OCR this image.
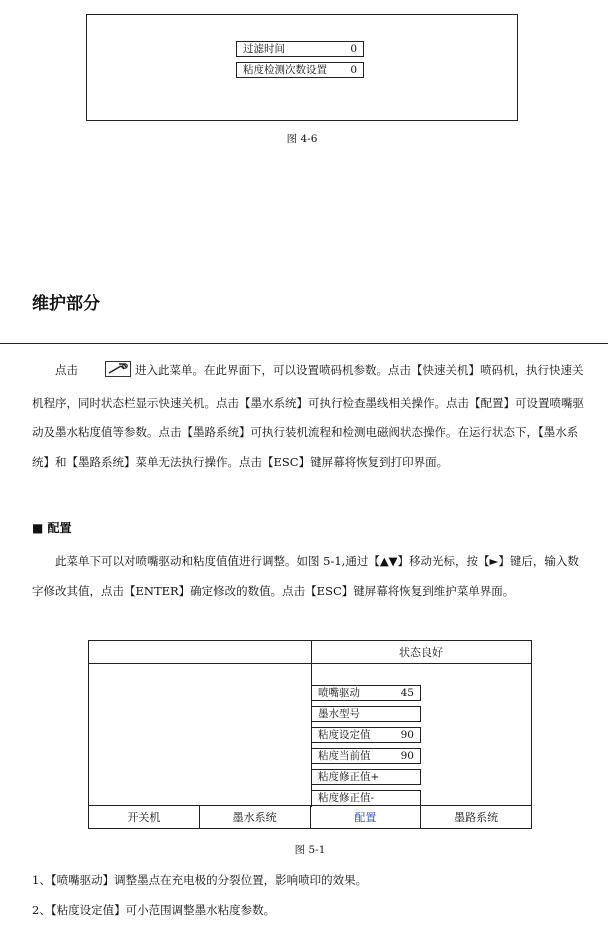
过滤时间	0
粘度检测次数设置 0
图 4-6
维护部分

点击	进入此菜单。在此界面下，可以设置喷码机参数。点击【快速关机】喷码机，执行快速关机程序，同时状态栏显示快速关机。点击【墨水系统】可执行检查墨线相关操作。点击【配置】可设置喷嘴驱动及墨水粘度值等参数。点击【墨路系统】可执行装机流程和检测电磁阀状态操作。在运行状态下，【墨水系统】和【墨路系统】菜单无法执行操作。点击【ESC】键屏幕将恢复到打印界面。

■ 配置

此菜单下可以对喷嘴驱动和粘度值值进行调整。如图 5-1,通过【▲▼】移动光标，按【►】键后，输入数字修改其值，点击【ENTER】确定修改的数值。点击【ESC】键屏幕将恢复到维护菜单界面。

状态良好
喷嘴驱动	45
墨水型号
粘度设定值	90
粘度当前值	90
粘度修正值+
粘度修正值-
开关机	墨水系统	配置	墨路系统
图 5-1
1、【喷嘴驱动】调整墨点在充电极的分裂位置，影响喷印的效果。
2、【粘度设定值】可小范围调整墨水粘度参数。
